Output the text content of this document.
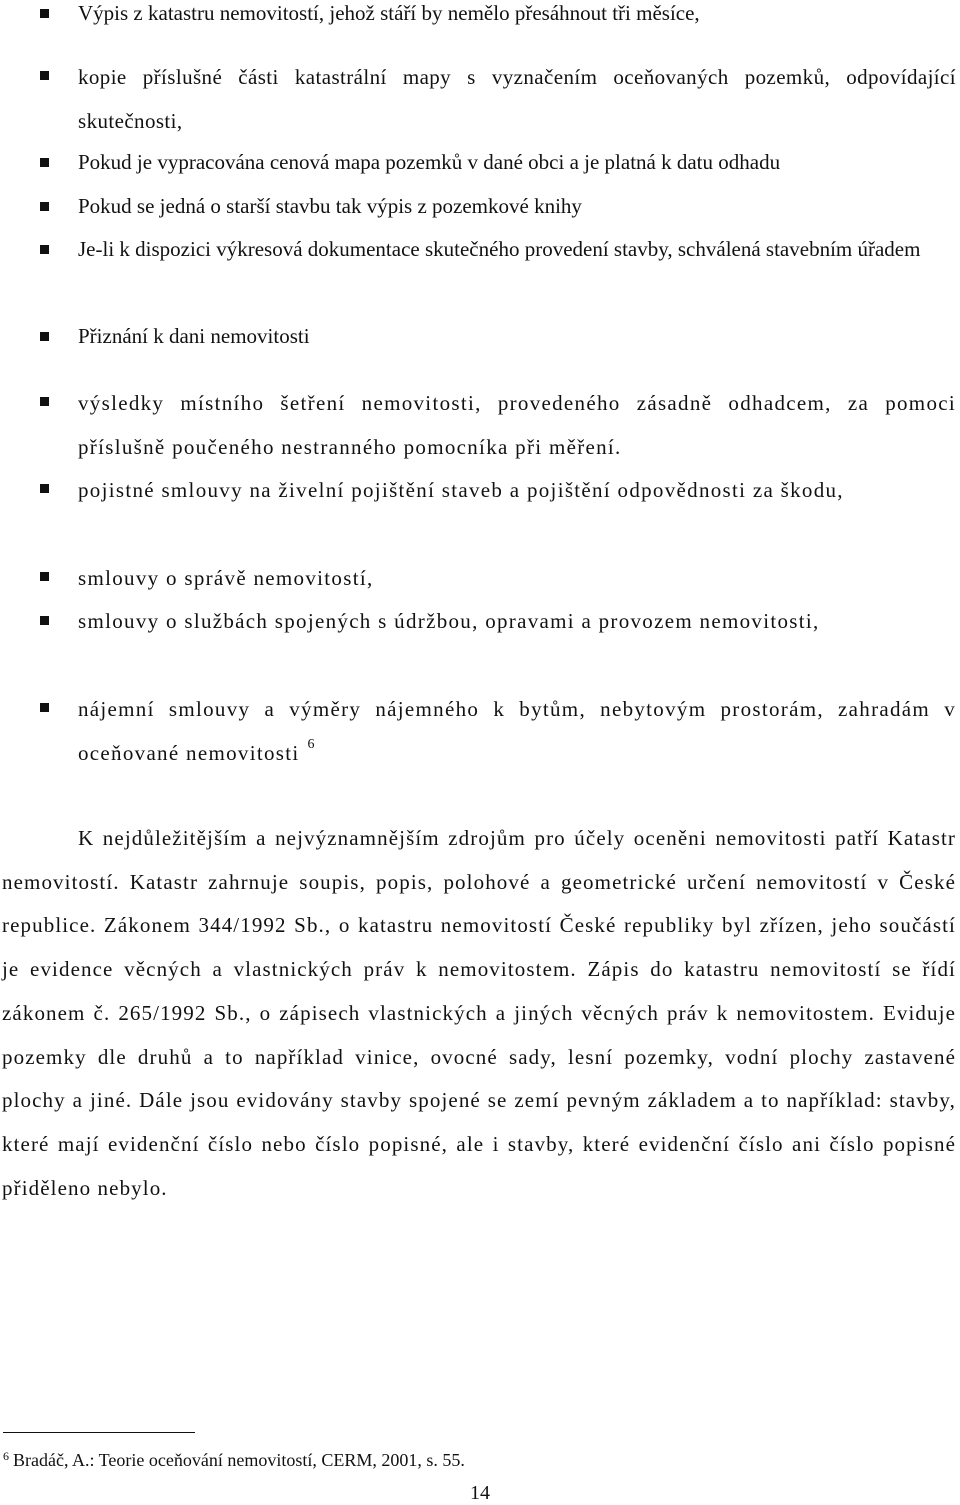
Výpis z katastru nemovitostí, jehož stáří by nemělo přesáhnout tři měsíce,

kopie příslušné části katastrální mapy s vyznačením oceňovaných pozemků, odpovídající skutečnosti,

Pokud je vypracována cenová mapa pozemků v dané obci a je platná k datu odhadu

Pokud se jedná o starší stavbu tak výpis z pozemkové knihy

Je-li k dispozici výkresová dokumentace skutečného provedení stavby, schválená stavebním úřadem

Přiznání k dani nemovitosti

výsledky místního šetření nemovitosti, provedeného zásadně odhadcem, za pomoci příslušně poučeného nestranného pomocníka při měření.

pojistné smlouvy na živelní pojištění staveb a pojištění odpovědnosti za škodu,

smlouvy o správě nemovitostí,

smlouvy o službách spojených s údržbou, opravami a provozem nemovitosti,

nájemní smlouvy a výměry nájemného k bytům, nebytovým prostorám, zahradám v oceňované nemovitosti $^6$

K nejdůležitějším a nejvýznamnějším zdrojům pro účely oceněni nemovitosti patří Katastr nemovitostí. Katastr zahrnuje soupis, popis, polohové a geometrické určení nemovitostí v České republice. Zákonem 344/1992 Sb., o katastru nemovitostí České republiky byl zřízen, jeho součástí je evidence věcných a vlastnických práv k nemovitostem. Zápis do katastru nemovitostí se řídí zákonem č. 265/1992 Sb., o zápisech vlastnických a jiných věcných práv k nemovitostem. Eviduje pozemky dle druhů a to například vinice, ovocné sady, lesní pozemky, vodní plochy zastavené plochy a jiné. Dále jsou evidovány stavby spojené se zemí pevným základem a to například: stavby, které mají evidenční číslo nebo číslo popisné, ale i stavby, které evidenční číslo ani číslo popisné přiděleno nebylo.

$^6$ Bradáč, A.: Teorie oceňování nemovitostí, CERM, 2001, s. 55.

14
